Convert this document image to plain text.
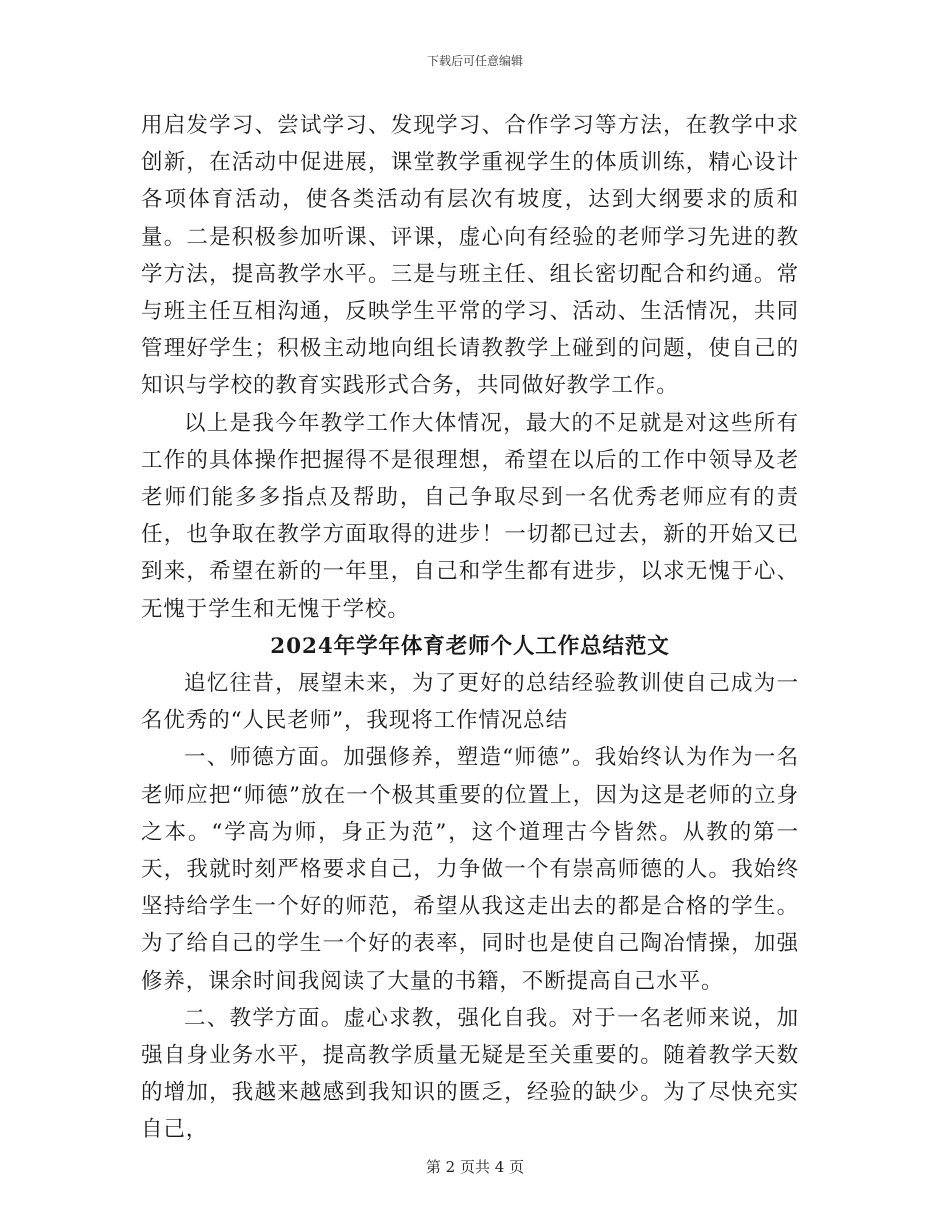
下载后可任意编辑

用启发学习、尝试学习、发现学习、合作学习等方法，在教学中求创新，在活动中促进展，课堂教学重视学生的体质训练，精心设计各项体育活动，使各类活动有层次有坡度，达到大纲要求的质和量。二是积极参加听课、评课，虚心向有经验的老师学习先进的教学方法，提高教学水平。三是与班主任、组长密切配合和约通。常与班主任互相沟通，反映学生平常的学习、活动、生活情况，共同管理好学生；积极主动地向组长请教教学上碰到的问题，使自己的知识与学校的教育实践形式合务，共同做好教学工作。

以上是我今年教学工作大体情况，最大的不足就是对这些所有工作的具体操作把握得不是很理想，希望在以后的工作中领导及老老师们能多多指点及帮助，自己争取尽到一名优秀老师应有的责任，也争取在教学方面取得的进步！一切都已过去，新的开始又已到来，希望在新的一年里，自己和学生都有进步，以求无愧于心、无愧于学生和无愧于学校。

2024年学年体育老师个人工作总结范文

追忆往昔，展望未来，为了更好的总结经验教训使自己成为一名优秀的“人民老师”，我现将工作情况总结

一、师德方面。加强修养，塑造“师德”。我始终认为作为一名老师应把“师德”放在一个极其重要的位置上，因为这是老师的立身之本。“学高为师，身正为范”，这个道理古今皆然。从教的第一天，我就时刻严格要求自己，力争做一个有崇高师德的人。我始终坚持给学生一个好的师范，希望从我这走出去的都是合格的学生。为了给自己的学生一个好的表率，同时也是使自己陶冶情操，加强修养，课余时间我阅读了大量的书籍，不断提高自己水平。

二、教学方面。虚心求教，强化自我。对于一名老师来说，加强自身业务水平，提高教学质量无疑是至关重要的。随着教学天数的增加，我越来越感到我知识的匮乏，经验的缺少。为了尽快充实自己，

第 2 页共 4 页
